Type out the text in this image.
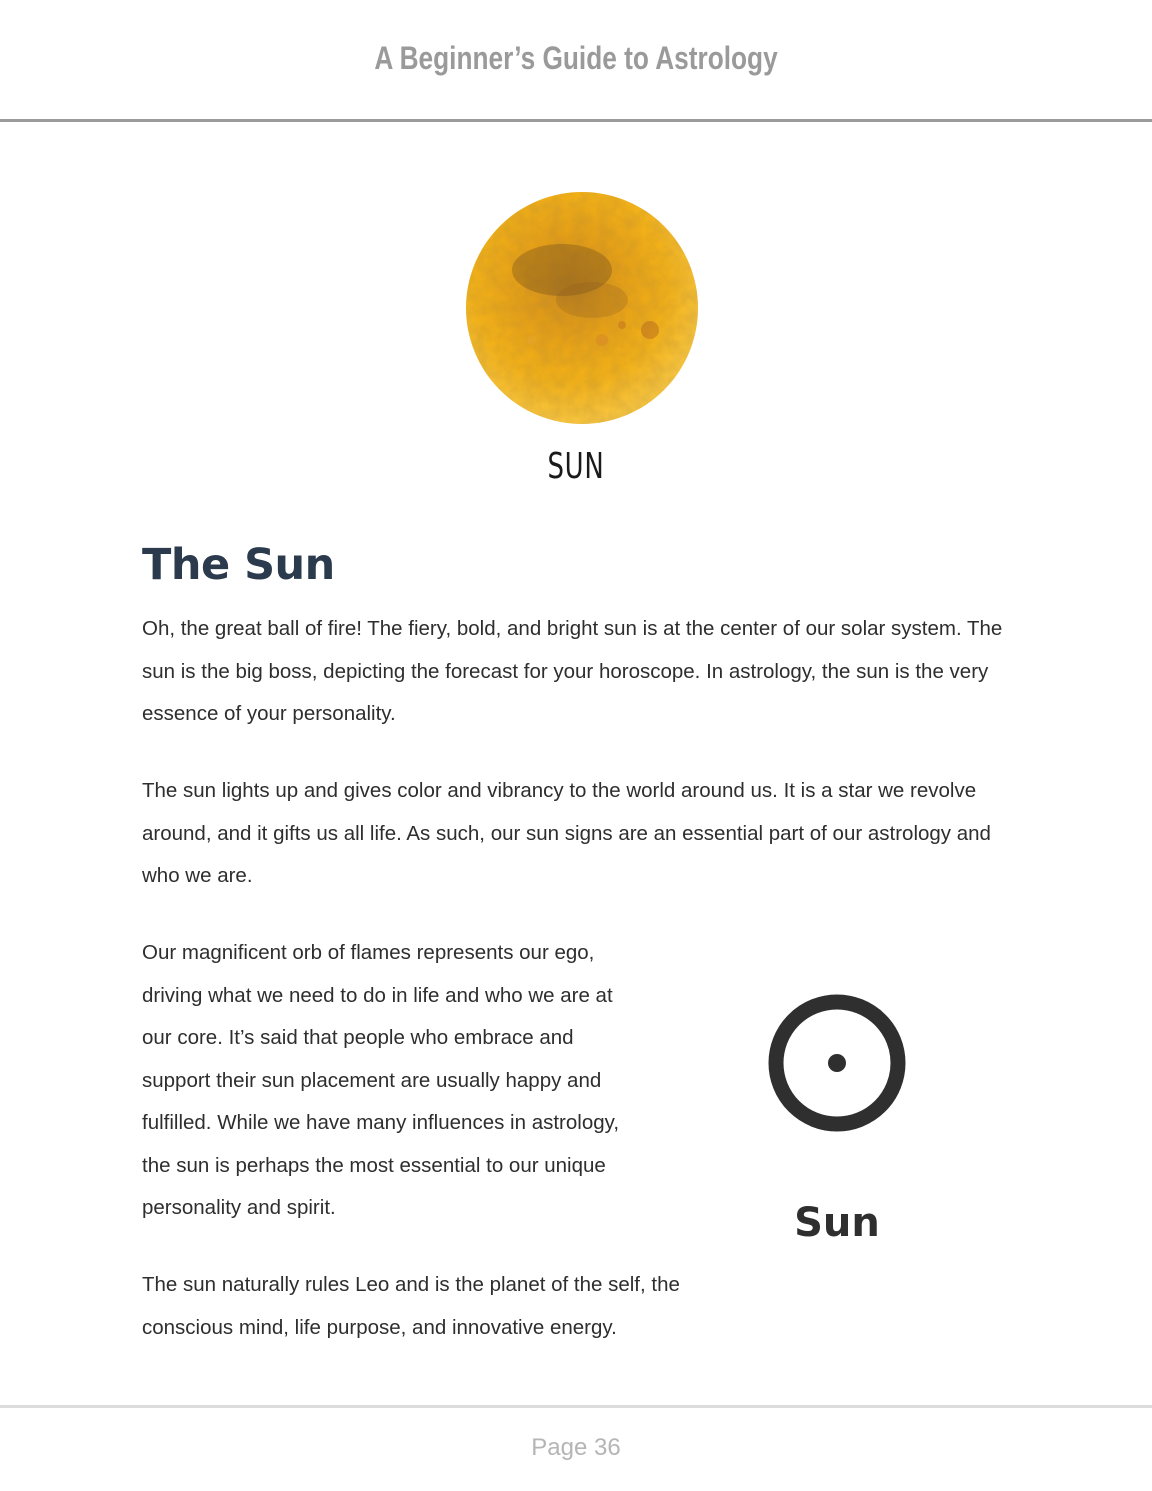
A Beginner’s Guide to Astrology
SUN
The Sun

Oh, the great ball of fire! The fiery, bold, and bright sun is at the center of our solar system. The sun is the big boss, depicting the forecast for your horoscope. In astrology, the sun is the very essence of your personality.

The sun lights up and gives color and vibrancy to the world around us. It is a star we revolve around, and it gifts us all life. As such, our sun signs are an essential part of our astrology and who we are.

Our magnificent orb of flames represents our ego, driving what we need to do in life and who we are at our core. It’s said that people who embrace and support their sun placement are usually happy and fulfilled. While we have many influences in astrology, the sun is perhaps the most essential to our unique personality and spirit.

The sun naturally rules Leo and is the planet of the self, the conscious mind, life purpose, and innovative energy.

Sun
Page 36
